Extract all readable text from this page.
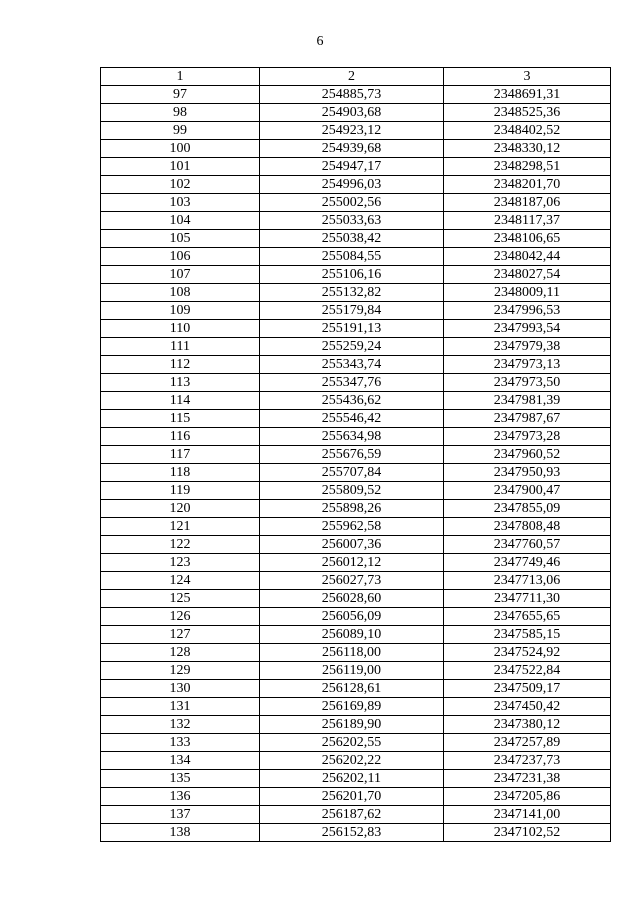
6
1	2	3
97	254885,73	2348691,31
98	254903,68	2348525,36
99	254923,12	2348402,52
100	254939,68	2348330,12
101	254947,17	2348298,51
102	254996,03	2348201,70
103	255002,56	2348187,06
104	255033,63	2348117,37
105	255038,42	2348106,65
106	255084,55	2348042,44
107	255106,16	2348027,54
108	255132,82	2348009,11
109	255179,84	2347996,53
110	255191,13	2347993,54
111	255259,24	2347979,38
112	255343,74	2347973,13
113	255347,76	2347973,50
114	255436,62	2347981,39
115	255546,42	2347987,67
116	255634,98	2347973,28
117	255676,59	2347960,52
118	255707,84	2347950,93
119	255809,52	2347900,47
120	255898,26	2347855,09
121	255962,58	2347808,48
122	256007,36	2347760,57
123	256012,12	2347749,46
124	256027,73	2347713,06
125	256028,60	2347711,30
126	256056,09	2347655,65
127	256089,10	2347585,15
128	256118,00	2347524,92
129	256119,00	2347522,84
130	256128,61	2347509,17
131	256169,89	2347450,42
132	256189,90	2347380,12
133	256202,55	2347257,89
134	256202,22	2347237,73
135	256202,11	2347231,38
136	256201,70	2347205,86
137	256187,62	2347141,00
138	256152,83	2347102,52
